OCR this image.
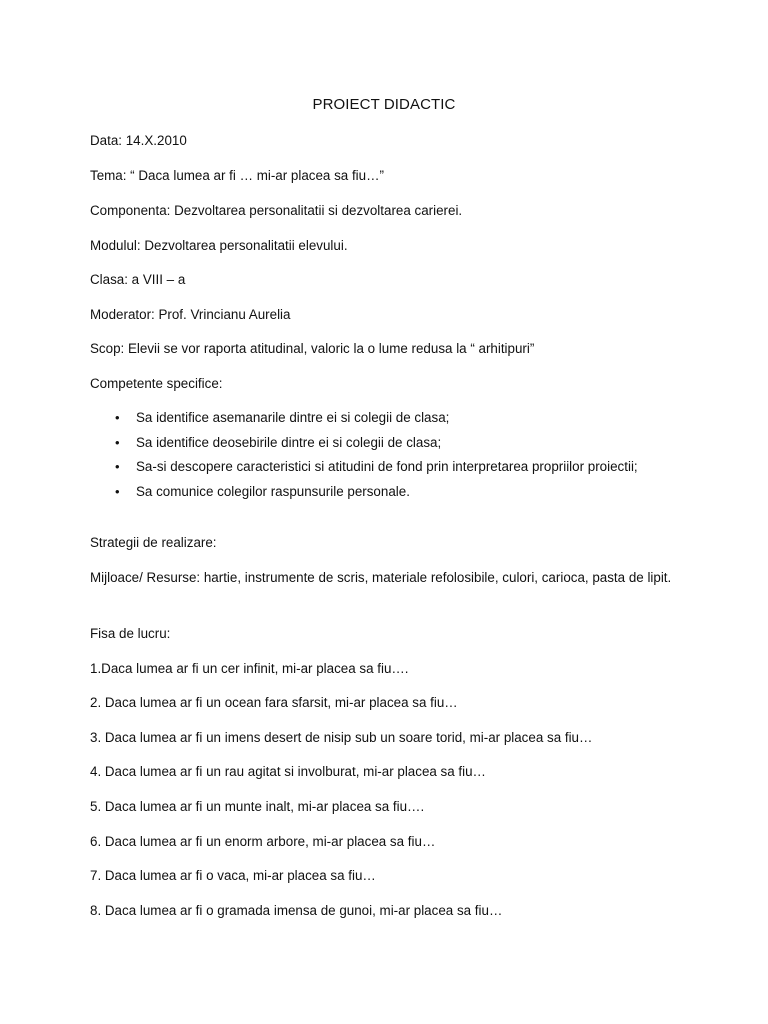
PROIECT DIDACTIC
Data: 14.X.2010
Tema: “ Daca lumea ar fi … mi-ar placea sa fiu…”
Componenta: Dezvoltarea personalitatii si dezvoltarea carierei.
Modulul: Dezvoltarea personalitatii elevului.
Clasa: a VIII – a
Moderator: Prof. Vrincianu Aurelia
Scop: Elevii se vor raporta atitudinal, valoric la o lume redusa la “ arhitipuri”
Competente specifice:
• Sa identifice asemanarile dintre ei si colegii de clasa;
• Sa identifice deosebirile dintre ei si colegii de clasa;
• Sa-si descopere caracteristici si atitudini de fond prin interpretarea propriilor proiectii;
• Sa comunice colegilor raspunsurile personale.
Strategii de realizare:
Mijloace/ Resurse: hartie, instrumente de scris, materiale refolosibile, culori, carioca, pasta de lipit.
Fisa de lucru:
1.Daca lumea ar fi un cer infinit, mi-ar placea sa fiu….
2. Daca lumea ar fi un ocean fara sfarsit, mi-ar placea sa fiu…
3. Daca lumea ar fi un imens desert de nisip sub un soare torid, mi-ar placea sa fiu…
4. Daca lumea ar fi un rau agitat si involburat, mi-ar placea sa fiu…
5. Daca lumea ar fi un munte inalt, mi-ar placea sa fiu….
6. Daca lumea ar fi un enorm arbore, mi-ar placea sa fiu…
7. Daca lumea ar fi o vaca, mi-ar placea sa fiu…
8. Daca lumea ar fi o gramada imensa de gunoi, mi-ar placea sa fiu…
